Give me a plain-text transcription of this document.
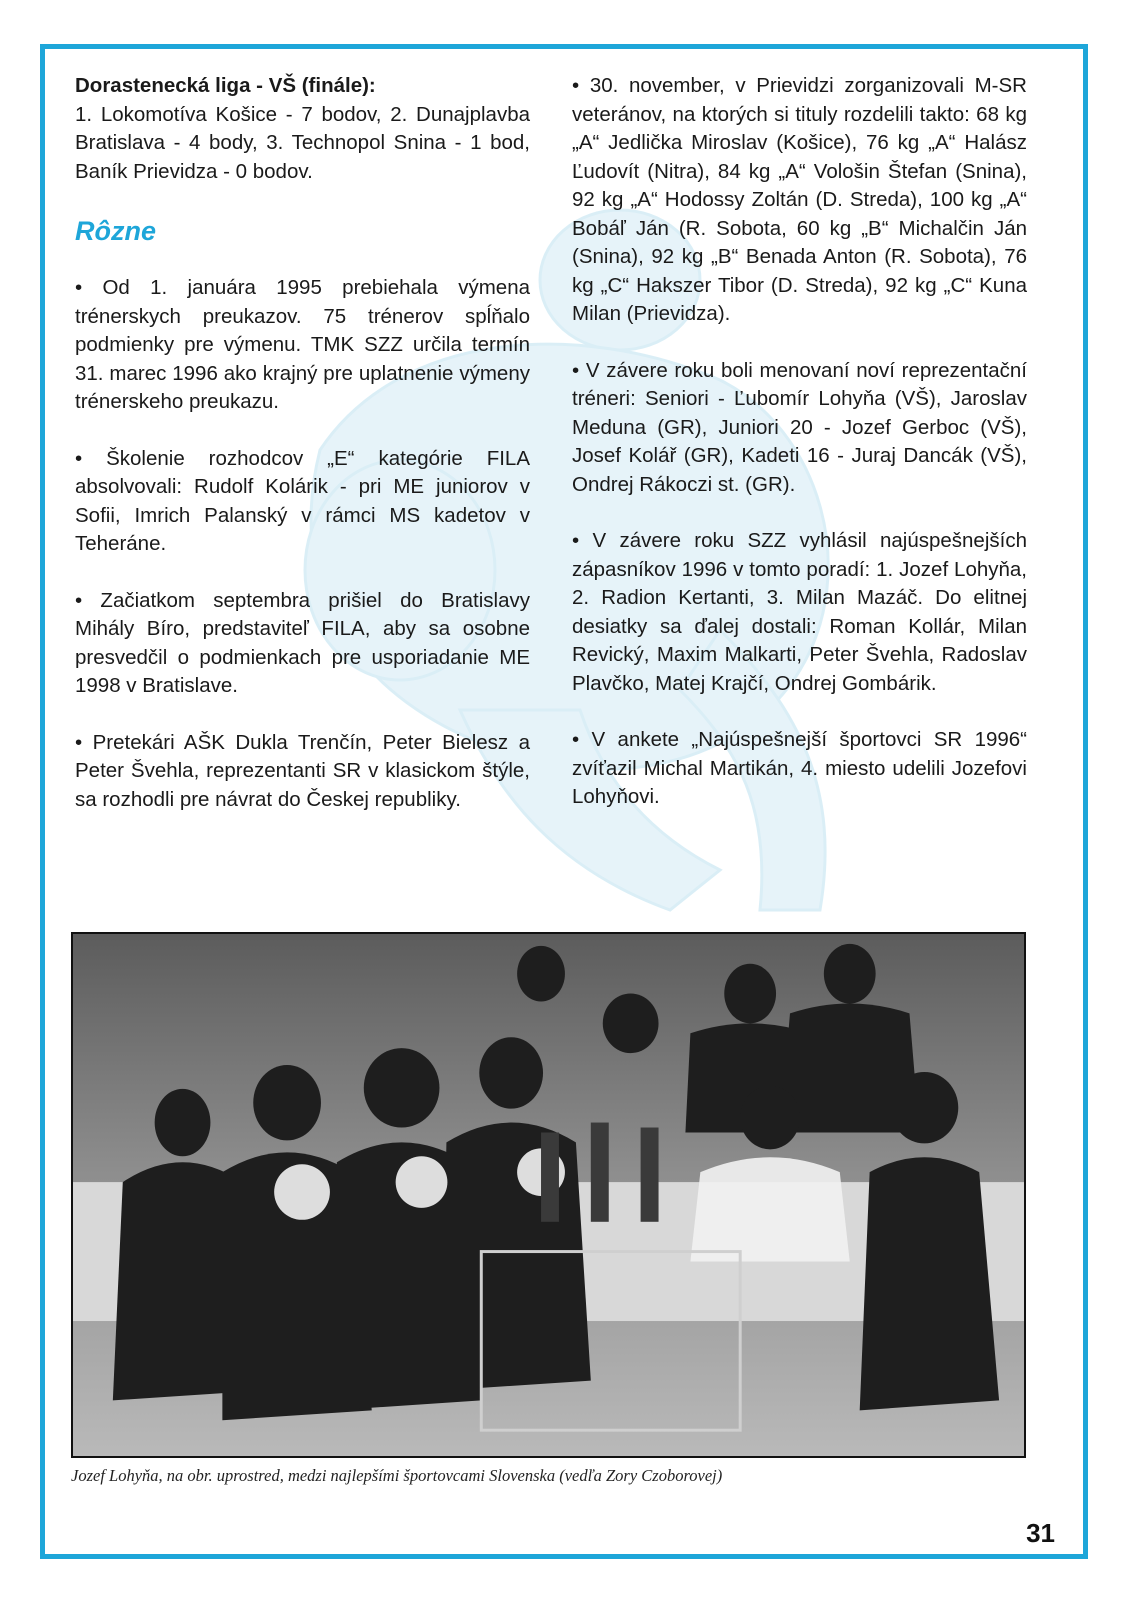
Dorastenecká liga - VŠ (finále):
1. Lokomotíva Košice - 7 bodov, 2. Dunajplavba Bratislava - 4 body, 3. Technopol Snina - 1 bod, Baník Prievidza - 0 bodov.

Rôzne

• Od 1. januára 1995 prebiehala výmena trénerskych preukazov. 75 trénerov spĺňalo podmienky pre výmenu. TMK SZZ určila termín 31. marec 1996 ako krajný pre uplatnenie výmeny trénerskeho preukazu.

• Školenie rozhodcov „E“ kategórie FILA absolvovali: Rudolf Kolárik - pri ME juniorov v Sofii, Imrich Palanský v rámci MS kadetov v Teheráne.

• Začiatkom septembra prišiel do Bratislavy Mihály Bíro, predstaviteľ FILA, aby sa osobne presvedčil o podmienkach pre usporiadanie ME 1998 v Bratislave.

• Pretekári AŠK Dukla Trenčín, Peter Bielesz a Peter Švehla, reprezentanti SR v klasickom štýle, sa rozhodli pre návrat do Českej republiky.

• 30. november, v Prievidzi zorganizovali M-SR veteránov, na ktorých si tituly rozdelili takto: 68 kg „A“ Jedlička Miroslav (Košice), 76 kg „A“ Halász Ľudovít (Nitra), 84 kg „A“ Vološin Štefan (Snina), 92 kg „A“ Hodossy Zoltán (D. Streda), 100 kg „A“ Bobáľ Ján (R. Sobota, 60 kg „B“ Michalčin Ján (Snina), 92 kg „B“ Benada Anton (R. Sobota), 76 kg „C“ Hakszer Tibor (D. Streda), 92 kg „C“ Kuna Milan (Prievidza).

• V závere roku boli menovaní noví reprezentační tréneri: Seniori - Ľubomír Lohyňa (VŠ), Jaroslav Meduna (GR), Juniori 20 - Jozef Gerboc (VŠ), Josef Kolář (GR), Kadeti 16 - Juraj Dancák (VŠ), Ondrej Rákoczi st. (GR).

• V závere roku SZZ vyhlásil najúspešnejších zápasníkov 1996 v tomto poradí: 1. Jozef Lohyňa, 2. Radion Kertanti, 3. Milan Mazáč. Do elitnej desiatky sa ďalej dostali: Roman Kollár, Milan Revický, Maxim Malkarti, Peter Švehla, Radoslav Plavčko, Matej Krajčí, Ondrej Gombárik.

• V ankete „Najúspešnejší športovci SR 1996“ zvíťazil Michal Martikán, 4. miesto udelili Jozefovi Lohyňovi.

Jozef Lohyňa, na obr. uprostred, medzi najlepšími športovcami Slovenska (vedľa Zory Czoborovej)
31
